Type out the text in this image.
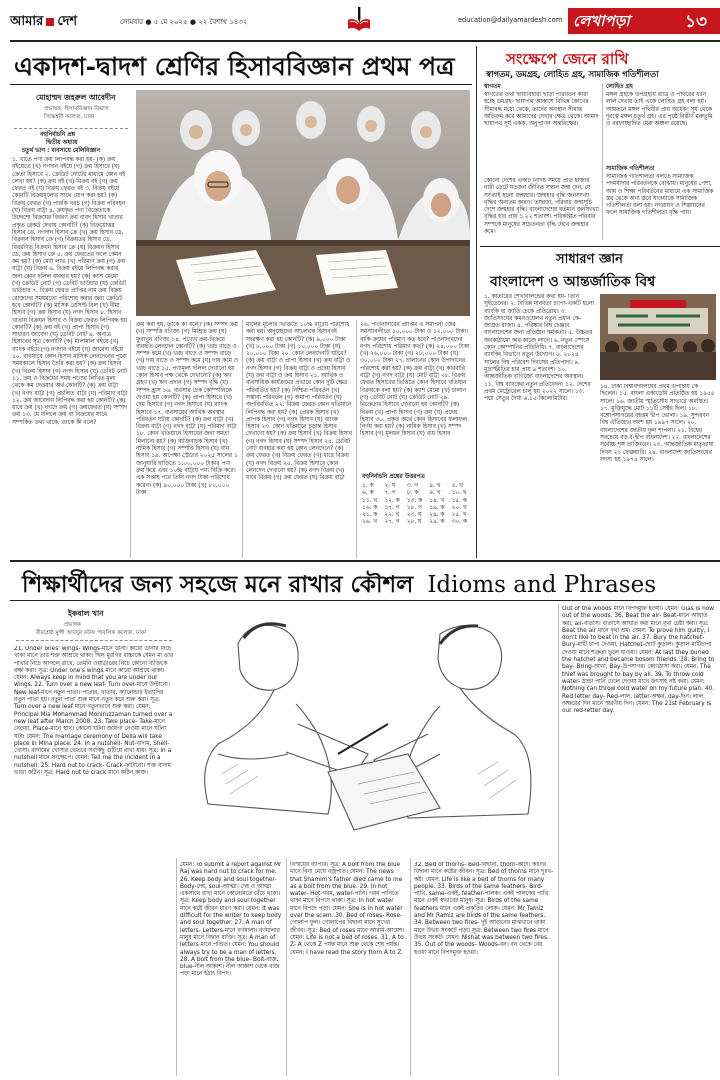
আমার দেশ	সোমবার ● ৫ মে ২০২৫ ● ২২ বৈশাখ ১৪৩২	education@dailyamardesh.com লেখাপড়া	১৩
একাদশ-দ্বাদশ শ্রেণির হিসাববিজ্ঞান প্রথম পত্র
মোহাম্মদ জহরুল আবেদীন
প্রভাষক, হিসাববিজ্ঞান বিভাগ
সিদ্ধেশ্বরী কলেজ, ঢাকা
বহুনির্বাচনি প্রশ্ন
দ্বিতীয় অধ্যায়
চতুর্থ ভাগ : ব্যবসায়ে মেলিবিজ্ঞান
১. খাতে পণ্য ক্রয় লিপিবদ্ধ করা হয়- (ক) ক্রয় বইয়েতে (খ) নগদান বইয়ে (গ) ক্রয় হিসাবে (ঘ) ক্রেতা হিসাবে ২. ক্রেডিট নোটের মাধ্যমে কোন বই লেখা হয়? (ক) ক্রয় বই (খ) বিক্রয় বই (গ) ক্রয় ফেরত বই (ঘ) বিক্রয় ফেরত বই ৩. বিক্রয় বইয়ে কোনটি বিক্রয়মূল্যের সাথে যোগ করা হয়? (ক) বিক্রয় ফেরত (খ) পারকি খরচ (গ) বিক্রয় পরিবহন (ঘ) বিক্রয় বাট্টা ৪. ক্রয়কৃত পণ্য বিক্রেতাকে উদ্দেশ্যে বিক্রয়ের বিবরণ ক্রয় বাবদ হিসাব খাতার প্রকৃত রেকর্ড দেখায় কোনটি? (ক) বিক্রয়োত্তর হিসাব ডে, নগদান হিসাব ক্রে (খ) ক্রয় হিসাব ডে, বিক্রয়ন হিসাব ক্রে (গ) বিক্রয়তর হিসাব ডে, বিবরণিত বিক্রয়ন হিসাব ক্রে (ঘ) বিক্রয়ন হিসাব ডে, ক্রয় হিসাব ক্রে ৫. ক্রয় ফেরতের ফলে কেমন কম হয়? (ক) মোট লাভ (খ) পরিমাণ ক্রয় (গ) ক্রয় বাট্টা (ঘ) বিক্রয় ৬. বিক্রয় বইয়ে লিপিবদ্ধ করার জন্য কোন দলিল ব্যবহার হয়? (ক) ক্যাশ মেমো (খ) ক্রেডিট নোট (গ) ডেবিট ভাউচার (ঘ) ক্রেডিট ভাউচার ৭. বিক্রয় ফেরত প্রাপ্তির নাম ক্রয় বিক্রয় রোজদের সময়মতো পরিশোধ করার জন্য ক্রেডিট হবে কোনটি? (ক) মাসিক রেসিপ্ট বিল (খ) বীমা হিসাব (গ) ক্রয় হিসাব (ঘ) নগদ হিসাব ৮. হিসাব খাতায় বিক্রয়ন হিসাব ও বিক্রয় ফেরত লিপিবদ্ধ হয় কোনটি? (ক) ক্রয় বই (খ) প্রাপ্য হিসাব (গ) সাধারণ জাবেদা (ঘ) ডেবিট নোট ৯. অন্যত্র হিসাবের সূত্র কোনটি? (ক) মালামাল বইয়ে (খ) ব্যাংক বইয়ে (গ) নগদান বইয়ে (ঘ) জাবেদা বইয়ে ১০. ব্যবসায়ে কোন হিসাব মাসিক লেনদেনের পুরো সময়কালে হিসাব তৈরি করা হয়? (ক) ক্রয় হিসাব (খ) বিক্রয় হিসাব (গ) নগদ হিসাব (ঘ) ডেবিট নোট ১১. ক্রয় ও বিক্রয়ের সময় পণ্যের লিখিত মূল্য থেকে কম দেওয়ার অর্থ কোনটি? (ক) ক্রয় বাট্টা (খ) নগদ বাট্টা (গ) প্রচলিত বাট্টা (ঘ) পরিমাণ বাট্টা ১২. ক্রয় জাবেদায় লিপিবদ্ধ করা হয় কোনটি? (ক) ধারে ক্রয় (খ) নগদে ক্রয় (গ) ক্রয়ফেরত (ঘ) সম্পদ ক্রয় ১৩. যে দলিলে ক্রয় বা বিক্রয়ের সাথে সম্পর্কিত তথ্য থাকে, তাকে কী বলে?
ক্রয় করা হয়, তাকে কী বলে? (ক) সম্পদ ক্রয় (খ) সম্পত্তি বণিজ্য (গ) মিশ্রিত ক্রয় (ঘ) ফুরাখুন বণিজ্য ১৪. পণ্যের ক্রয়-বিক্রয়ে ব্যবহৃত লেনদেন কোনটি? (ক) খরচ বাড়ে ও সম্পদ কমে (খ) খরচ বাড়ে ও সম্পদ বাড়ে (গ) দায় বাড়ে ও সম্পদ কমে (ঘ) দায় কমে ও খরচ বাড়ে ১৫. পণ্যমূল্য দলিল দেখানো হয় কোন হিসাব পক্ষ থেকে দেখানো? (ক) ঋণ গ্রহণ (খ) ঋণ প্রদান (গ) সম্পদ বৃদ্ধি (ঘ) সম্পদ হ্রাস ১৬. ব্যবসার চেক কোম্পানিকে দেওয়া হয় কোনটি? (ক) প্রাপ্য হিসাবে (খ) দেয় হিসাবে (গ) নগদ হিসাবে (ঘ) ব্যাংক হিসাবে ১৭. ব্যবসায়ের আর্থিক অবস্থার পরিবর্তন ঘটায় কোনটি? (ক) ক্রয় বাট্টা (খ) বিক্রয় বাট্টা (গ) নগদ বাট্টা (ঘ) পরিমাণ বাট্টা ১৮. কোন খতিয়ানে হিসাবের জন্য সমতা মিলানো হয়? (ক) ব্যক্তিবাচক হিসাব (খ) নামিক হিসাব (গ) সম্পত্তি হিসাব (ঘ) ব্যয় হিসাব ১৯. অপেক্ষা স্ট্রেডার ২০২৫ সালের ১ জানুয়ারি ছাড়িতে ১,০০,০০০ টাকার পণ্য ক্রয় করে এবং ১০% বাট্টায় পণ্য বিক্রি করে। এক সপ্তাহ পরে তিনি নগদ টাকা পরিশোধ করেন। (ক) ৯০,০০০ টাকা (খ) ৮০,০০০ টাকা
মালের মূল্যের ভিত্তিতে ১০% বাট্টায় পরিশোধ করা হয়। অনুচ্ছেদের আলোকে হিসাববই সংরক্ষণ করা হয় কোনটি? (ক) ৯,০০০ টাকা (খ) ৮,০০০ টাকা (গ) ১০,০০০ টাকা (ঘ) ২০,০০০ টাকা ২০. কোন লেনদেনটি ঘটবে? (ক) ক্রয় বাট্টা ও প্রাপ্য হিসাব (খ) ক্রয় বাট্টা ও নগদ হিসাব (গ) বিক্রয় বাট্টা ও প্রদেয় হিসাব (ঘ) ক্রয় বাট্টা ও ক্রয় হিসাব ২১. আর্থিক ও ব্যবসায়িক কার্যক্রমের প্রভাবে কোন দুটি ক্ষেত্র পরিবর্তিত হয়? (ক) নিশ্চিত পরিবর্তন (খ) সম্ভাব্য পরিবর্তন (গ) অমাপ্য পরিবর্তন (ঘ) অপরিবর্তিত ২২. বিক্রয় ফেরত কোন খতিয়ানে লিপিবদ্ধ করা হয়? (ক) প্রেরক হিসাব (খ) প্রাপক হিসাব (গ) নগদ হিসাব (ঘ) ব্যাংক হিসাব ২৩. কোন খতিয়ানে চূড়ান্ত হিসাব দেখানো হয়? (ক) ক্রয় হিসাব (খ) বিক্রয় হিসাব (গ) নগদ হিসাব (ঘ) সম্পদ হিসাব ২৪. ডেবিট নোট ব্যবহার করা হয় কোন লেনদেনে? (ক) ক্রয় ফেরত (খ) বিক্রয় ফেরত (গ) ধারে বিক্রয় (ঘ) নগদ বিক্রয় ২৫. বিক্রয় হিসাবে কোন লেনদেন দেখানো হয়? (ক) নগদ বিক্রয় (খ) ধারে বিক্রয় (গ) ক্রয় ফেরত (ঘ) বিক্রয় বাট্টা
২৬. পাওনাদারের প্রাপ্তির এ সমাপনী জের সমস্যাবলীতে ১০,০০০ টাকা ও ১২,০০০ টাকা। বাকি ক্রয়ের পরিমাণ কত হবে? পাওনাদারদের নগদ পরিশোধ পরিমাণ কত? (ক) ২৪,০০০ টাকা (খ) ২৬,০০০ টাকা (গ) ২৮,০০০ টাকা (ঘ) ৩০,০০০ টাকা ২৭. চালানের কোন উপাদানের পরিশোধ করা হয়? (ক) ক্রয় বাট্টা (খ) কারবারি বাট্টা (গ) নগদ বাট্টা (ঘ) মোট বাট্টা ২৮. বিক্রয় ফেরত হিসাবের ভিত্তিতে কোন হিসাবে খতিয়ান বিক্রয়কে বলা হয়? (ক) ক্যাশ মেমো (খ) চালান (গ) ডেবিট নোট (ঘ) ক্রেডিট নোট ২৯. বিক্রেতার হিসাবে দেখানো হয় কোনটি? (ক) বিক্রয় (খ) প্রাপ্য হিসাব (গ) ক্রয় (ঘ) প্রদেয় হিসাব ৩০. প্রকৃত অর্থে কোন হিসাবের ফলাফল নির্ণয় করা হয়? (ক) নামিক হিসাব (খ) সম্পদ হিসাব (গ) মূলধন হিসাব (ঘ) ব্যয় হিসাব
বহুনির্বাচনি প্রশ্নের উত্তরপত্র
১. ক	২. ঘ	৩. গ	৪. খ	৫. খ
৬. ক	৭. গ	৮. ক	৯. খ	১০. খ
১১. খ	১২. ক	১৩. ক	১৪. খ	১৫. ক
১৬. ক	১৭. গ	১৮. গ	১৯. ক	২০. খ
২১. ক	২২. খ	২৩. ঘ	২৪. ক	২৫. খ
২৬. খ	২৭. গ	২৮. ঘ	২৯. ক	৩০. ক
সংক্ষেপে জেনে রাখি
স্বাগতম, ডমগ্রহ, লোহিত গ্রহ, সামাজিক গতিশীলতা
স্বাগতম
স্বাগতের তথা ছায়াবিহারী ছাড়া পরিবর্তন কারী হচ্ছে ডমগ্রহ। ছায়াপথ আকাশে বিভিন্ন কোণের সীমাবদ্ধ মধ্যে থেকে, তাদের অবস্থান সীমান্ত অতিক্রম করে আমাদের দেখার ক্ষেত্র থেকে। আমাদ ছায়াপথ সূর্য একক, অনুপ্রাণন অন্তরিক্ষের।
কোনো দেশের একটি নির্দিষ্ট সময়ে প্রতি হাজার নারী ডেটে যতজন জীবিত সন্তান জন্ম দেন, যে সংখ্যাই হলো জন্মহার। জন্মহার বৃদ্ধি জনসংখ্যা বৃদ্ধির অন্যতম কারণ। তাছাড়া, পরিবার জন্মসূচি দেশে জন্মহার বৃদ্ধি। বাংলাদেশের বর্তমান জনসংখ্যা বৃদ্ধির হার প্রায় ১.২২ শতাংশ। পরিকল্পিত পরিবার সম্পর্কে মানুষের সচেতনতা বৃদ্ধি দেখে জন্মহার কমে।
লোহিত গ্রহ
মঙ্গল গ্রহকে উপগ্রহীয় রাত্রি ও পাথরের ধরন লাল দেখায় তাই একে লোহিত গ্রহ বলা হয়। আয়তনে মঙ্গল পৃথিবীর প্রায় অর্ধেক। সূর্য থেকে দূরত্বে মঙ্গল চতুর্থ গ্রহ। এর পৃষ্ঠে বিস্তীর্ণ মরুভূমি ও বরফাচ্ছাদিত মেরু অঞ্চল রয়েছে।
সামাজিক গতিশীলতা
সামাজিক গতিশীলতা বলতে সামাজিক পদমর্যাদার পরিবর্তনকে বোঝায়। মানুষের পেশা, আয় ও শিক্ষা পরিবর্তনের মাধ্যমে এক সামাজিক স্তর থেকে অন্য স্তরে যাওয়াকে সামাজিক গতিশীলতা বলা হয়। নগরায়ণ ও শিল্পায়নের ফলে সামাজিক গতিশীলতা বৃদ্ধি পায়।
সাধারণ জ্ঞান
বাংলাদেশ ও আন্তর্জাতিক বিশ্ব
১. কাতারের শেখাবালন্ডের কথা হয়- তিনি সুইডেনের। ২. বিভিন্ন মানবতা চ্যাপা-একটি হলো ব্যাংকি বা জাতি চেকে প্রতিরোধ। ৩. জাতিসংঘের কমনওয়েলথ নতুন প্রধান কে- জাগ্রত রাজা। ৪. পরিষ্কার বিশ্ব চেঞ্জার বাংলাদেশের জন্য প্রতিষ্ঠান কর্মকর্তা। ৫. উচ্চতর অবকাঠামো কার কাজে লাগে। ৬. নতুন স্পেসে কোন কোম্পানির প্রতিনিধি। ৭. বাংলাদেশের ব্যাংকিং বিভাগে নতুন উদ্যোগ। ৮. ২০২৪ সালের বিশ্ব পরিবেশ দিবসের প্রতিপাদ্য। ৯. মুদ্রাস্ফীতির হার প্রায় ৯ শতাংশ। ১০. আন্তর্জাতিক বাণিজ্যে বাংলাদেশের অবস্থান। ১১. বিশ্ব ব্যাংকের নতুন প্রতিবেদন। ১২. দেশের প্রথম মেট্রোরেল চালু হয় ২০২২ সালে। ১৩. পদ্মা সেতুর দৈর্ঘ্য ৬.১৫ কিলোমিটার।
১৪. ঢাকা বিশ্ববিদ্যালয়ের প্রথম উপাচার্য কে ছিলেন। ১৫. বাংলা একাডেমি প্রতিষ্ঠিত হয় ১৯৫৫ সালে। ১৬. জাতীয় স্মৃতিসৌধ সাভারে অবস্থিত। ১৭. মুক্তিযুদ্ধে মোট ১১টি সেক্টর ছিল। ১৮. বঙ্গোপসাগরের বৃহত্তম দ্বীপ ভোলা। ১৯. সুন্দরবন বিশ্ব ঐতিহ্যের অংশ হয় ১৯৯৭ সালে। ২০. বাংলাদেশের জাতীয় ফুল শাপলা। ২১. বিশ্বের সবচেয়ে বড় ব-দ্বীপ বাংলাদেশ। ২২. বাংলাদেশের সর্বোচ্চ শৃঙ্গ তাজিংডং। ২৩. আন্তর্জাতিক মাতৃভাষা দিবস ২১ ফেব্রুয়ারি। ২৪. বাংলাদেশ জাতিসংঘের সদস্য হয় ১৯৭৪ সালে।
শিক্ষার্থীদের জন্য সহজে মনে রাখার কৌশল Idioms and Phrases
ইকবাল খান
প্রভাষক
বীরশ্রেষ্ঠ মুন্সী আবদুর রউফ পাবলিক কলেজ, ঢাকা
21. Under ones' wings- Wings-মানে ডানা। কারো ডানার নিচে থাকা মানে তার শক্ত আশ্রয়ে থাকা। ছিল মুরগির বাচ্চাকে যেমন মা তার পাখার নিচে আগলে রাখে, তেমনি ওয়ার্ডারের নিচে কোনো ব্যক্তিকে রক্ষা করা। সূত্র: Under one's wings মানে কারো আশ্রয়ে থাকা। যেমন: Always keep in mind that you are under our wings. 22. Turn over a new leaf- Turn over-মানে উল্টানো। New leaf-মানে নতুন পাতা। পাতার, খাতার, ক্যালেন্ডার ইত্যাদির নতুন পাতা হয়। নতুন পাতা শুরু মানে নতুন করে শুরু করা। সূত্র: Turn over a new leaf মানে নতুনভাবে শুরু করা। যেমন: Principal Mia Mohammad Moniruzzaman turned over a new leaf after March 2008. 23. Take place- Take-মানে নেওয়া, Place-মানে স্থান। কোনো ঘটনা জায়গা নেওয়া মানে ঘটনা ঘটা। যেমন: The marriage ceremony of Della will take place in Mina place. 24. In a nutshell- Nut-বাদাম, Shell-খোসা। বাদামের খোসার ভেতরে সবকিছু গুটিয়ে রাখা যায়। সূত্র: In a nutshell মানে সংক্ষেপে। যেমন: Tell me the incident in a nutshell. 25. Hard nut to crack- Crack-ফাটানো। শক্ত বাদাম ভাঙা কঠিন। সূত্র: Hard nut to crack মানে কঠিন কাজ।
যেমন: To submit a report against Mr Raj was hard nut to crack for me. 26. Keep body and soul together- Body-দেহ, soul-আত্মা। দেহ ও আত্মা একসাথে রাখা মানে কোনোমতে বেঁচে থাকা। সূত্র: Keep body and soul together মানে কষ্টে জীবন ধারণ করা। যেমন: It was difficult for the writer to keep body and soul together. 27. A man of letters- Letters-মানে বর্ণমালা। বর্ণমালার মানুষ মানে বিদ্বান ব্যক্তি। সূত্র: A man of letters মানে পণ্ডিত। যেমন: You should always try to be a man of letters. 28. A bolt from the blue- Bolt-বাজ, blue-নীল আকাশ। নীল আকাশ থেকে বাজ পড়া মানে হঠাৎ বিপদ।
বিস্ময়ের ব্যাপার। সূত্র: A bolt from the blue মানে বিনা মেঘে বজ্রপাত। যেমন: The news that Shamim's father died came to me as a bolt from the blue. 29. In hot water- Hot-গরম, water-পানি। গরম পানিতে থাকা মানে বিপদে থাকা। সূত্র: In hot water মানে বিপদে পড়া। যেমন: She is in hot water over the scam. 30. Bed of roses- Rose-গোলাপ ফুল। গোলাপের বিছানা মানে সুখের জীবন। সূত্র: Bed of roses মানে আরাম-আয়েশ। যেমন: Life is not a bed of roses. 31. A to Z- A থেকে Z পর্যন্ত মানে শুরু থেকে শেষ পর্যন্ত। যেমন: I have read the story from A to Z.
32. Bed of thorns- Bed-বিছানা, thorn-কাঁটা। কাঁটার বিছানা মানে কষ্টের জীবন। সূত্র: Bed of thorns মানে দুঃখ-কষ্ট। যেমন: Life is like a bed of thorns for many people. 33. Birds of the same feathers- Bird-পাখি, same-একই, feather-পালক। একই পালকের পাখি মানে একই স্বভাবের মানুষ। সূত্র: Birds of the same feathers মানে একই প্রকৃতির লোক। যেমন: Mr Tamiz and Mr Ramiz are birds of the same feathers. 34. Between two fires- দুই আগুনের মাঝখানে থাকা মানে উভয় সংকটে পড়া। সূত্র: Between two fires মানে উভয় সংকট। যেমন: Nishat was between two fires. 35. Out of the woods- Woods-বন। বন থেকে বের হওয়া মানে বিপদমুক্ত হওয়া।
Out of the woods মানে বিপদমুক্ত হওয়া। যেমন: Gias is now out of the woods. 36. Beat the air- Beat-মানে আঘাত করা, air-বাতাস। বাতাসে আঘাত করা মানে বৃথা চেষ্টা করা। সূত্র: Beat the air মানে বৃথা শ্রম। যেমন: To prove him guilty, I don't like to beat in the air. 37. Bury the hatchet- Bury-মাটি চাপা দেওয়া, Hatchet-ছোট কুড়াল। কুড়াল মাটিচাপা দেওয়া মানে শত্রুতা ভুলে যাওয়া। যেমন: At last they buried the hatchet and became bosom friends. 38. Bring to bay- Bring-আনা, Bay-উপসাগর। কোণঠাসা করা। যেমন: The thief was brought to bay by all. 39. To throw cold water- ঠান্ডা পানি ঢেলে দেওয়া মানে উৎসাহ নষ্ট করা। যেমন: Nothing can throw cold water on my future plan. 40. Red letter day- Red-লাল, letter-অক্ষর, day-দিন। লাল অক্ষরের দিন মানে স্মরণীয় দিন। যেমন: The 21st February is our red-letter day.
